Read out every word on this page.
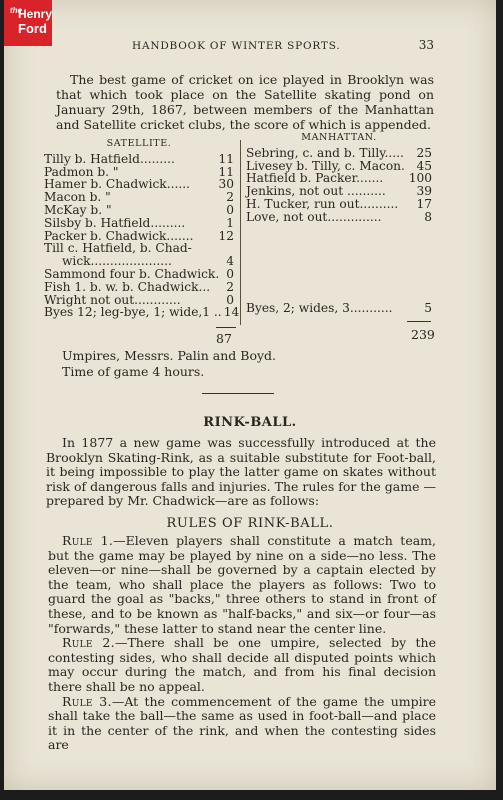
the
Henry
Ford
HANDBOOK OF WINTER SPORTS.	33
The best game of cricket on ice played in Brooklyn was that which took place on the Satellite skating pond on January 29th, 1867, between members of the Manhattan and Satellite cricket clubs, the score of which is appended.
SATELLITE.
Tilly b. Hatfield.........	11
Padmon b. "	11
Hamer b. Chadwick...... 30
Macon b. "	2
McKay b. "	0
Silsby b. Hatfield.........	1
Packer b. Chadwick....... 12
Till c. Hatfield, b. Chad-
wick.....................	4
Sammond four b. Chadwick. 0
Fish 1. b. w. b. Chadwick... 2
Wright not out............	0
Byes 12; leg-bye, 1; wide,1 .. 14
MANHATTAN.
Sebring, c. and b. Tilly..... 25
Livesey b. Tilly, c. Macon. 45
Hatfield b. Packer....... 100
Jenkins, not out ..........	39
H. Tucker, run out.......... 17
Love, not out..............	8
Byes, 2; wides, 3...........	5
87	239
Umpires, Messrs. Palin and Boyd.
Time of game 4 hours.
RINK-BALL.
In 1877 a new game was successfully introduced at the Brooklyn Skating-Rink, as a suitable substitute for Foot-ball, it being impossible to play the latter game on skates without risk of dangerous falls and injuries. The rules for the game —prepared by Mr. Chadwick—are as follows:
RULES OF RINK-BALL.

Rule 1.—Eleven players shall constitute a match team, but the game may be played by nine on a side—no less. The eleven—or nine—shall be governed by a captain elected by the team, who shall place the players as follows: Two to guard the goal as "backs," three others to stand in front of these, and to be known as "half-backs," and six—or four—as "forwards," these latter to stand near the center line.

Rule 2.—There shall be one umpire, selected by the contesting sides, who shall decide all disputed points which may occur during the match, and from his final decision there shall be no appeal.

Rule 3.—At the commencement of the game the umpire shall take the ball—the same as used in foot-ball—and place it in the center of the rink, and when the contesting sides are
